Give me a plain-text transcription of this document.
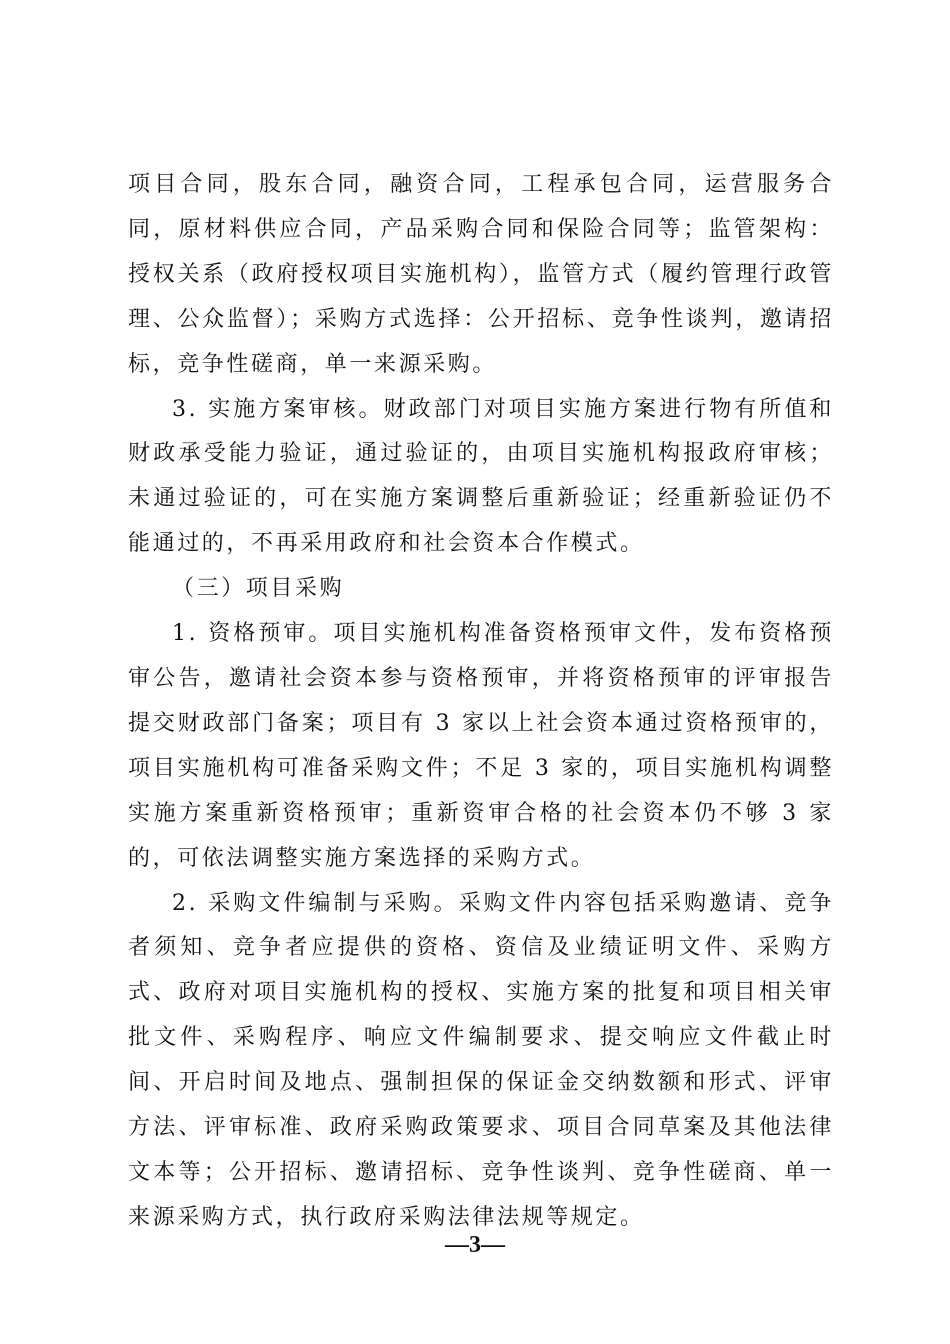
项目合同，股东合同，融资合同，工程承包合同，运营服务合同，原材料供应合同，产品采购合同和保险合同等；监管架构：授权关系（政府授权项目实施机构），监管方式（履约管理行政管理、公众监督）；采购方式选择：公开招标、竞争性谈判，邀请招标，竞争性磋商，单一来源采购。

3. 实施方案审核。财政部门对项目实施方案进行物有所值和财政承受能力验证，通过验证的，由项目实施机构报政府审核；未通过验证的，可在实施方案调整后重新验证；经重新验证仍不能通过的，不再采用政府和社会资本合作模式。

（三）项目采购

1. 资格预审。项目实施机构准备资格预审文件，发布资格预审公告，邀请社会资本参与资格预审，并将资格预审的评审报告提交财政部门备案；项目有 3 家以上社会资本通过资格预审的，项目实施机构可准备采购文件；不足 3 家的，项目实施机构调整实施方案重新资格预审；重新资审合格的社会资本仍不够 3 家的，可依法调整实施方案选择的采购方式。

2. 采购文件编制与采购。采购文件内容包括采购邀请、竞争者须知、竞争者应提供的资格、资信及业绩证明文件、采购方式、政府对项目实施机构的授权、实施方案的批复和项目相关审批文件、采购程序、响应文件编制要求、提交响应文件截止时间、开启时间及地点、强制担保的保证金交纳数额和形式、评审方法、评审标准、政府采购政策要求、项目合同草案及其他法律文本等；公开招标、邀请招标、竞争性谈判、竞争性磋商、单一来源采购方式，执行政府采购法律法规等规定。

—3—
